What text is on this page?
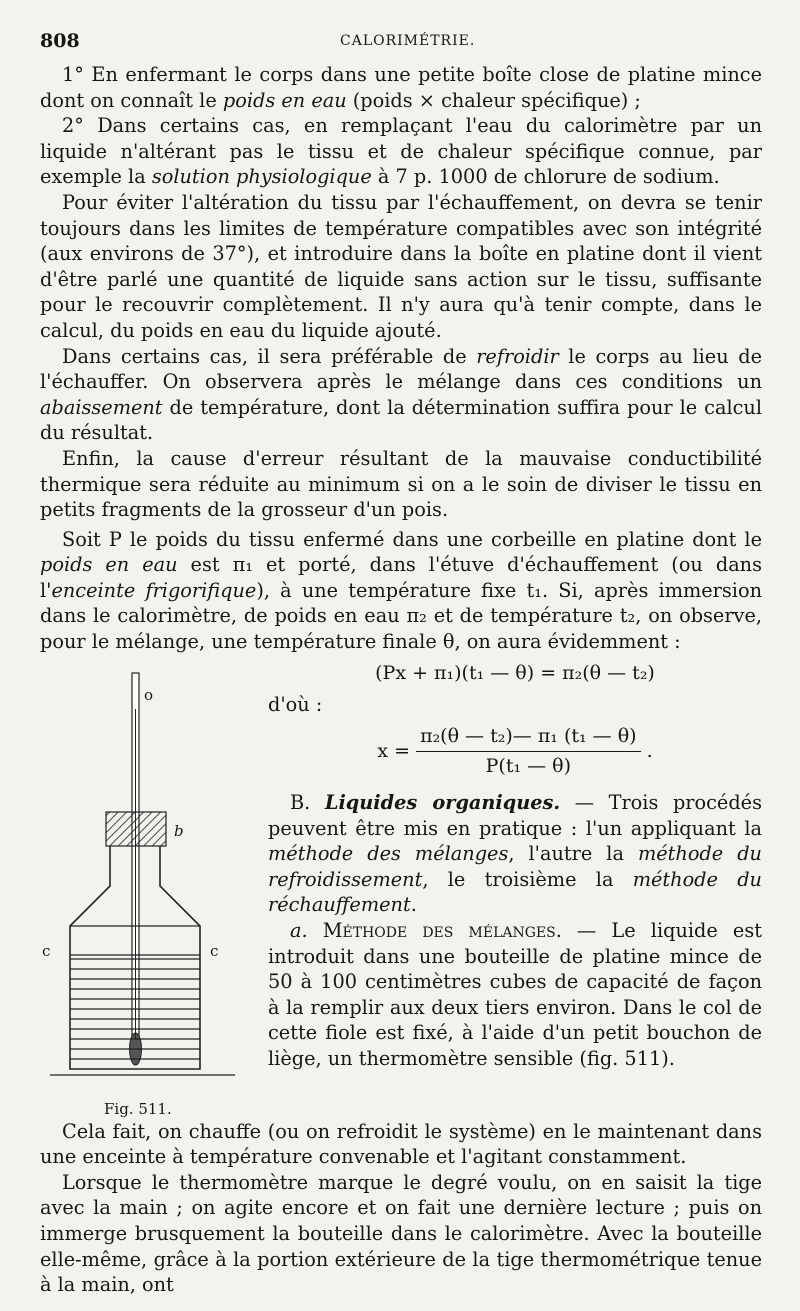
808	CALORIMÉTRIE.

1° En enfermant le corps dans une petite boîte close de platine mince dont on connaît le poids en eau (poids × chaleur spécifique) ;

2° Dans certains cas, en remplaçant l'eau du calorimètre par un liquide n'altérant pas le tissu et de chaleur spécifique connue, par exemple la solution physiologique à 7 p. 1000 de chlorure de sodium.

Pour éviter l'altération du tissu par l'échauffement, on devra se tenir toujours dans les limites de température compatibles avec son intégrité (aux environs de 37°), et introduire dans la boîte en platine dont il vient d'être parlé une quantité de liquide sans action sur le tissu, suffisante pour le recouvrir complètement. Il n'y aura qu'à tenir compte, dans le calcul, du poids en eau du liquide ajouté.

Dans certains cas, il sera préférable de refroidir le corps au lieu de l'échauffer. On observera après le mélange dans ces conditions un abaissement de température, dont la détermination suffira pour le calcul du résultat.

Enfin, la cause d'erreur résultant de la mauvaise conductibilité thermique sera réduite au minimum si on a le soin de diviser le tissu en petits fragments de la grosseur d'un pois.

Soit P le poids du tissu enfermé dans une corbeille en platine dont le poids en eau est π₁ et porté, dans l'étuve d'échauffement (ou dans l'enceinte frigorifique), à une température fixe t₁. Si, après immersion dans le calorimètre, de poids en eau π₂ et de température t₂, on observe, pour le mélange, une température finale θ, on aura évidemment :

o
b
c	c
Fig. 511.
(Px + π₁)(t₁ — θ) = π₂(θ — t₂)

d'où :

$x = \frac{\text{π₂(θ — t₂)— π₁ (t₁ — θ)}}{\text{P(t₁ — θ)}}$ .

B. Liquides organiques. — Trois procédés peuvent être mis en pratique : l'un appliquant la méthode des mélanges, l'autre la méthode du refroidissement, le troisième la méthode du réchauffement.

a. Méthode des mélanges. — Le liquide est introduit dans une bouteille de platine mince de 50 à 100 centimètres cubes de capacité de façon à la remplir aux deux tiers environ. Dans le col de cette fiole est fixé, à l'aide d'un petit bouchon de liège, un thermomètre sensible (fig. 511).

Cela fait, on chauffe (ou on refroidit le système) en le maintenant dans une enceinte à température convenable et l'agitant constamment.

Lorsque le thermomètre marque le degré voulu, on en saisit la tige avec la main ; on agite encore et on fait une dernière lecture ; puis on immerge brusquement la bouteille dans le calorimètre. Avec la bouteille elle-même, grâce à la portion extérieure de la tige thermométrique tenue à la main, ont
